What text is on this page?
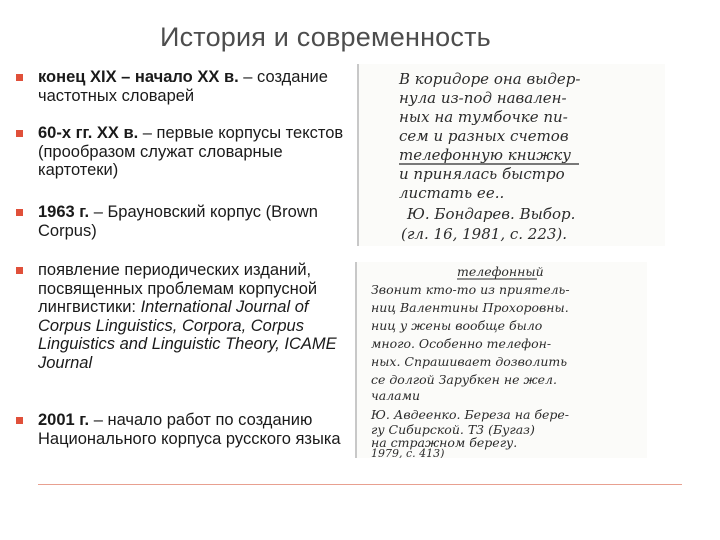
История и современность
конец XIX – начало XX в. – создание частотных словарей
60-х гг. XX в. – первые корпусы текстов (прообразом служат словарные картотеки)
1963 г. – Брауновский корпус (Brown Corpus)
появление периодических изданий, посвященных проблемам корпусной лингвистики: International Journal of Corpus Linguistics, Corpora, Corpus Linguistics and Linguistic Theory, ICAME Journal
2001 г. – начало работ по созданию Национального корпуса русского языка
В коридоре она выдер-
нула из-под навален-
ных на тумбочке пи-
сем и разных счетов
телефонную книжку
и принялась быстро
листать ее..
Ю. Бондарев. Выбор.
(гл. 16, 1981, с. 223).
телефонный
Звонит кто-то из приятель-
ниц Валентины Прохоровны.
ниц у жены вообще было
много. Особенно телефон-
ных. Спрашивает дозволить
се долгой Зарубкен не жел.
чалами
Ю. Авдеенко. Береза на бере-
гу Сибирской. Т3 (Бугаз)
на стражном берегу.
1979, с. 413)
